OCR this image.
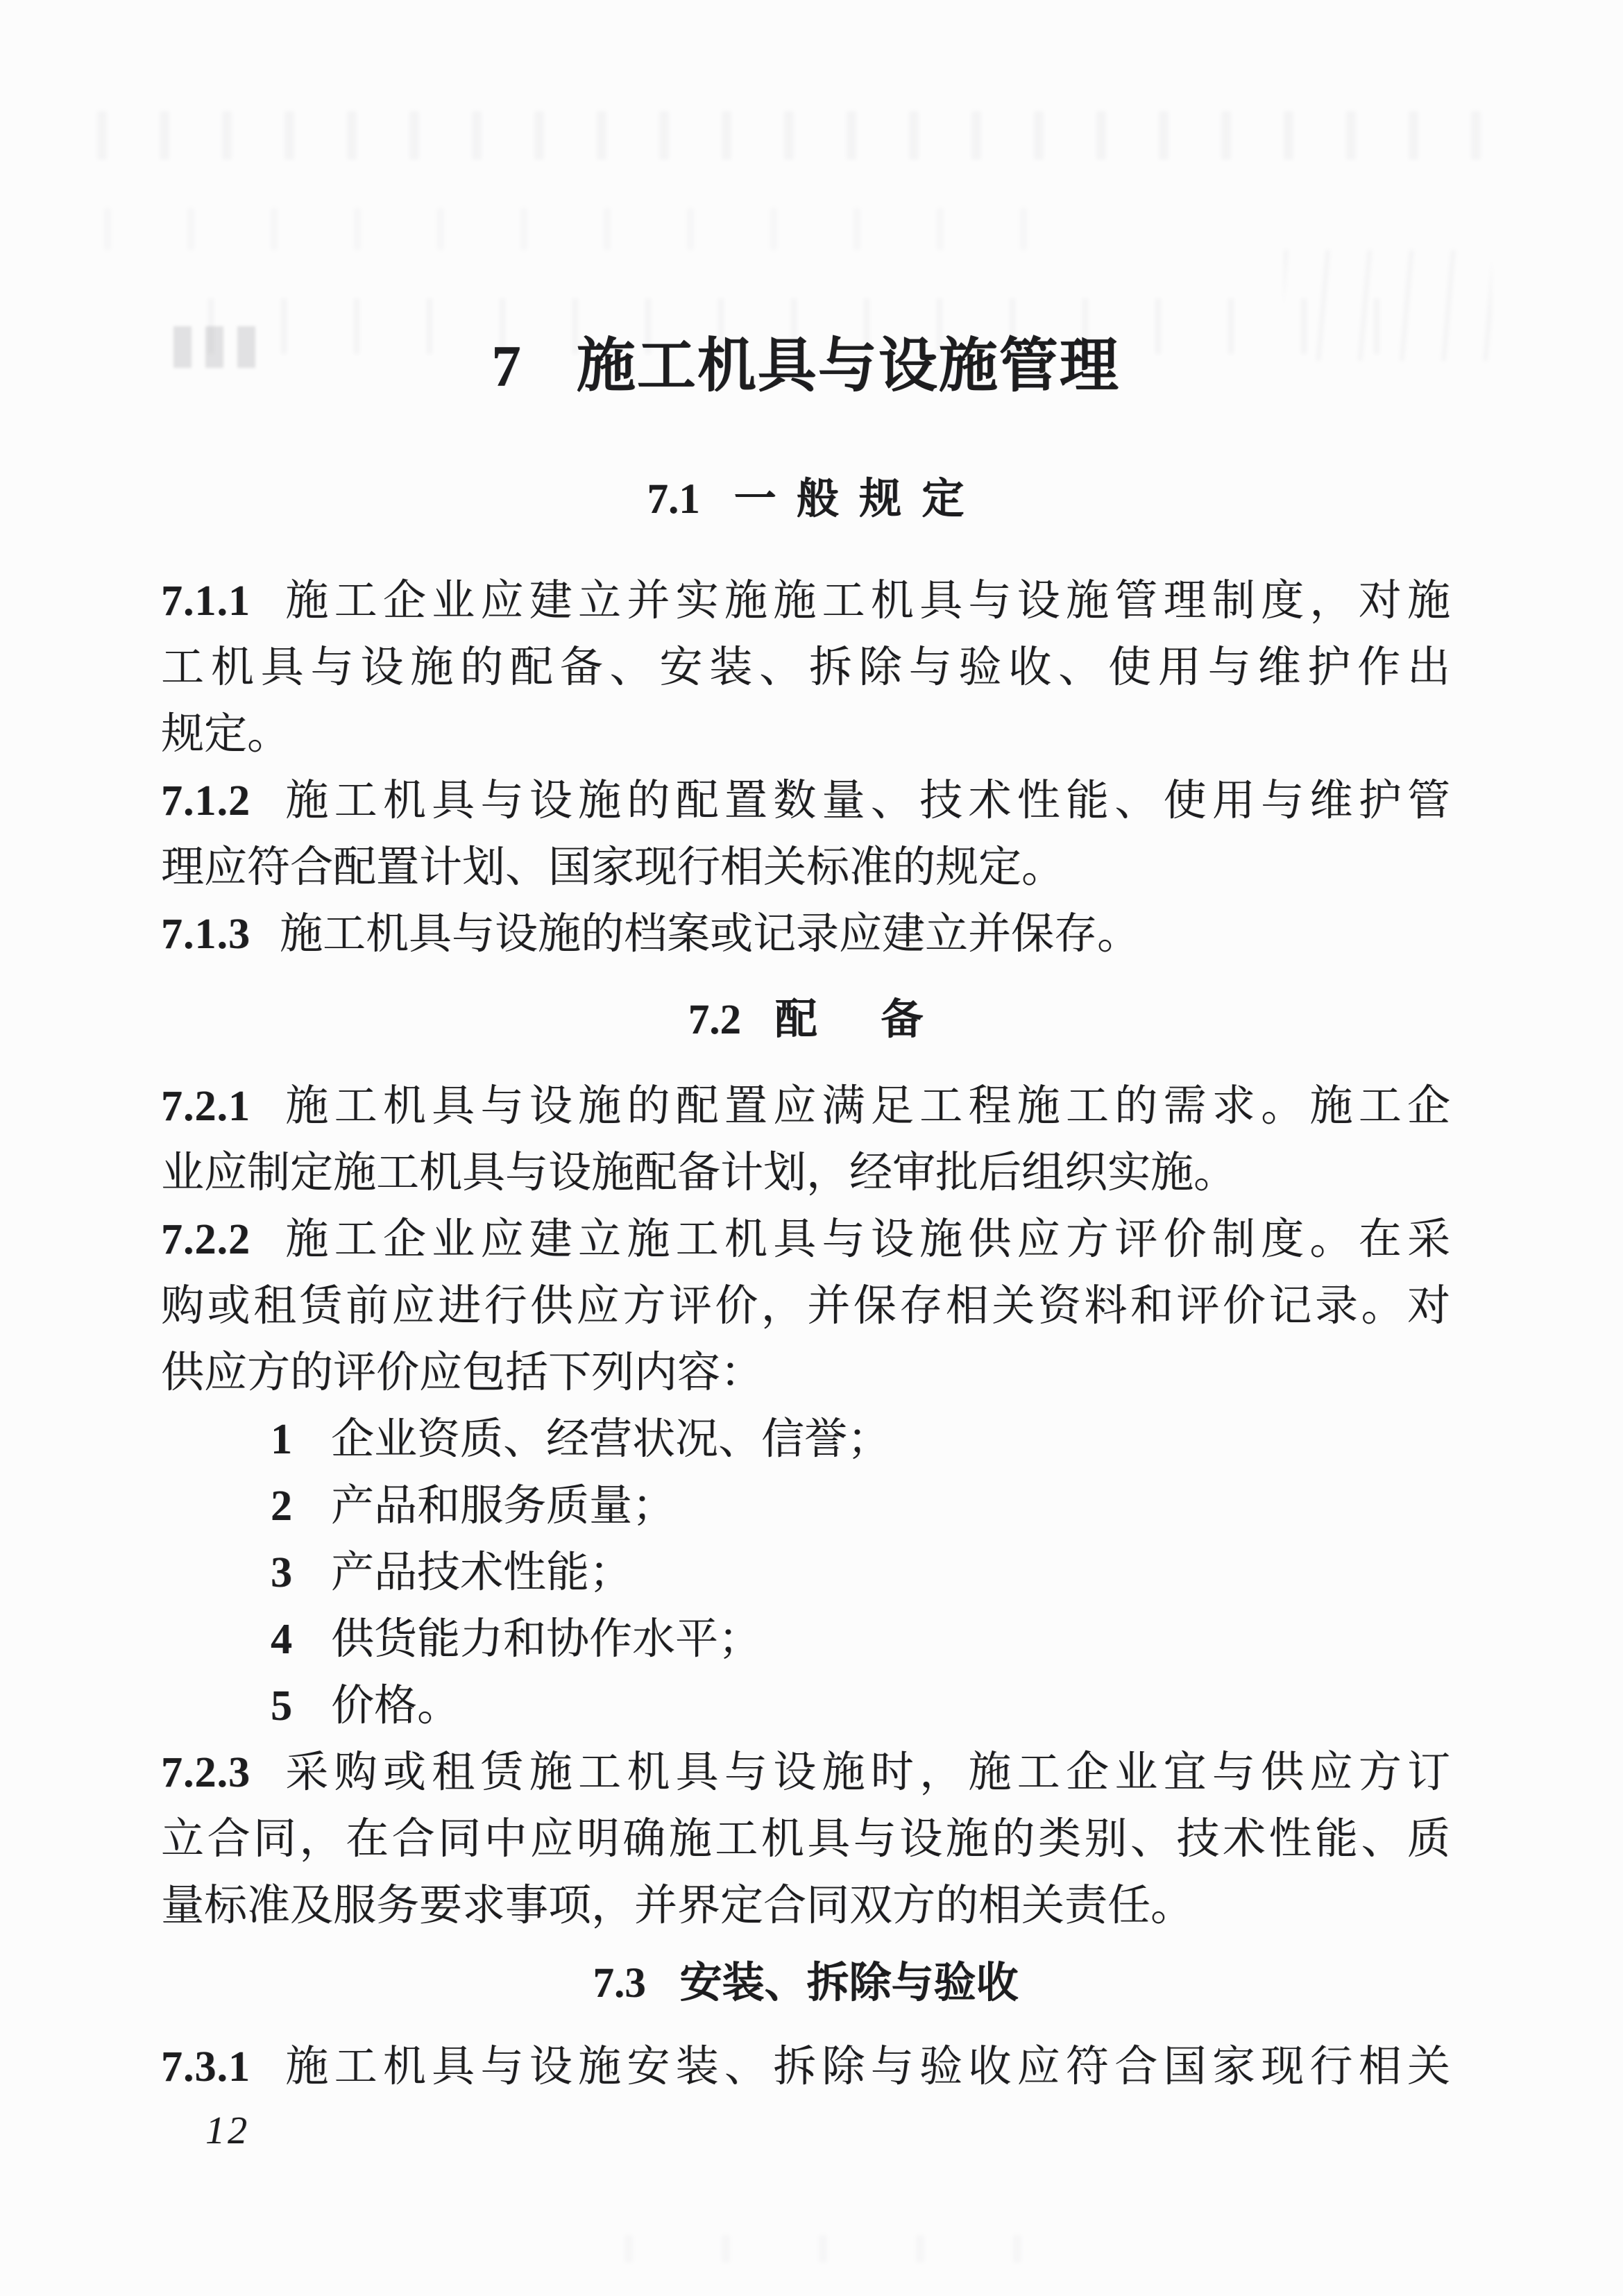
7 施工机具与设施管理
7.1 一般规定

7.1.1 施工企业应建立并实施施工机具与设施管理制度，对施

工机具与设施的配备、安装、拆除与验收、使用与维护作出

规定。

7.1.2 施工机具与设施的配置数量、技术性能、使用与维护管

理应符合配置计划、国家现行相关标准的规定。

7.1.3 施工机具与设施的档案或记录应建立并保存。

7.2 配备

7.2.1 施工机具与设施的配置应满足工程施工的需求。施工企

业应制定施工机具与设施配备计划，经审批后组织实施。

7.2.2 施工企业应建立施工机具与设施供应方评价制度。在采

购或租赁前应进行供应方评价，并保存相关资料和评价记录。对

供应方的评价应包括下列内容：

1 企业资质、经营状况、信誉；

2 产品和服务质量；

3 产品技术性能；

4 供货能力和协作水平；

5 价格。

7.2.3 采购或租赁施工机具与设施时，施工企业宜与供应方订

立合同，在合同中应明确施工机具与设施的类别、技术性能、质

量标准及服务要求事项，并界定合同双方的相关责任。

7.3 安装、拆除与验收

7.3.1 施工机具与设施安装、拆除与验收应符合国家现行相关

12
